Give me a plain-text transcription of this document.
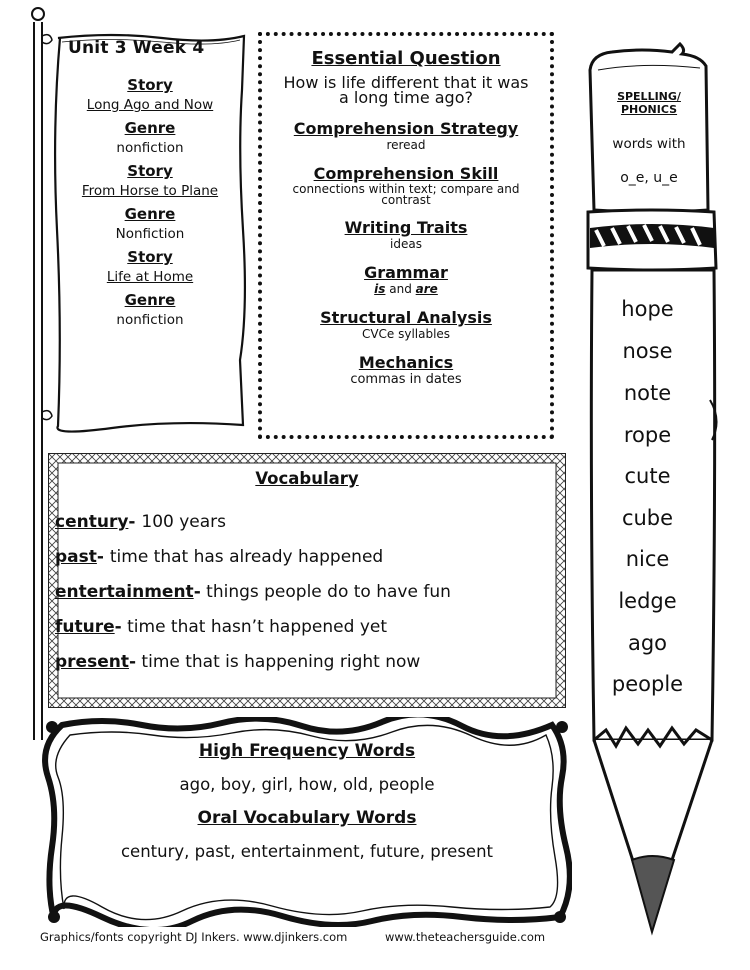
Unit 3 Week 4
Story
Long Ago and Now
Genre
nonfiction
Story
From Horse to Plane
Genre
Nonfiction
Story
Life at Home
Genre
nonfiction
Essential Question
How is life different that it was a long time ago?
Comprehension Strategy
reread
Comprehension Skill
connections within text; compare and contrast
Writing Traits
ideas
Grammar
is and are
Structural Analysis
CVCe syllables
Mechanics
commas in dates
Vocabulary
century- 100 years
past- time that has already happened
entertainment- things people do to have fun
future- time that hasn’t happened yet
present- time that is happening right now
High Frequency Words
ago, boy, girl, how, old, people
Oral Vocabulary Words
century, past, entertainment, future, present
SPELLING/
PHONICS
words with
o_e, u_e
hope
nose
note
rope
cute
cube
nice
ledge
ago
people
Graphics/fonts copyright DJ Inkers. www.djinkers.com	www.theteachersguide.com
